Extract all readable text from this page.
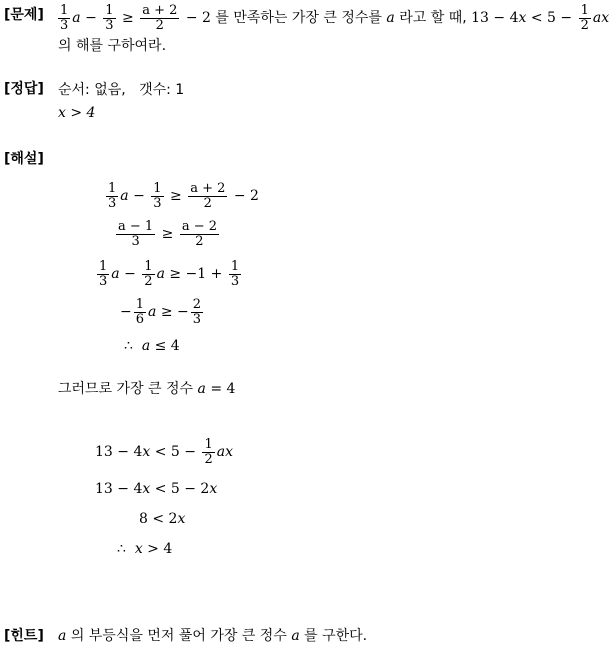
[문제] $\frac{1}{3}$ $a - \frac{1}{3} \ge \frac{a + 2}{2} - 2$ 를 만족하는 가장 큰 정수를
a
라고 할 때, 13 − 4 $x < 5 - \frac{1}{2}$ ax
의 해를 구하여라.
[정답] 순서: 없음, 갯수: 1
x > 4
[해설]
$\frac{1}{3}$ $a - \frac{1}{3} \ge \frac{a + 2}{2} - 2$
$\frac{a - 1}{3} \ge \frac{a - 2}{2}$
$\frac{1}{3}$ $a - \frac{1}{2}$ $a \ge -1 + \frac{1}{3}$
− $\frac{1}{6}$ a ≥ − $\frac{2}{3}$
∴  a ≤ 4
그러므로 가장 큰 정수 a = 4
13 − 4 $x < 5 - \frac{1}{2}$ ax
13 − 4x < 5 − 2x
8 < 2x
∴  x > 4
[힌트] a 의 부등식을 먼저 풀어 가장 큰 정수 a 를 구한다.
